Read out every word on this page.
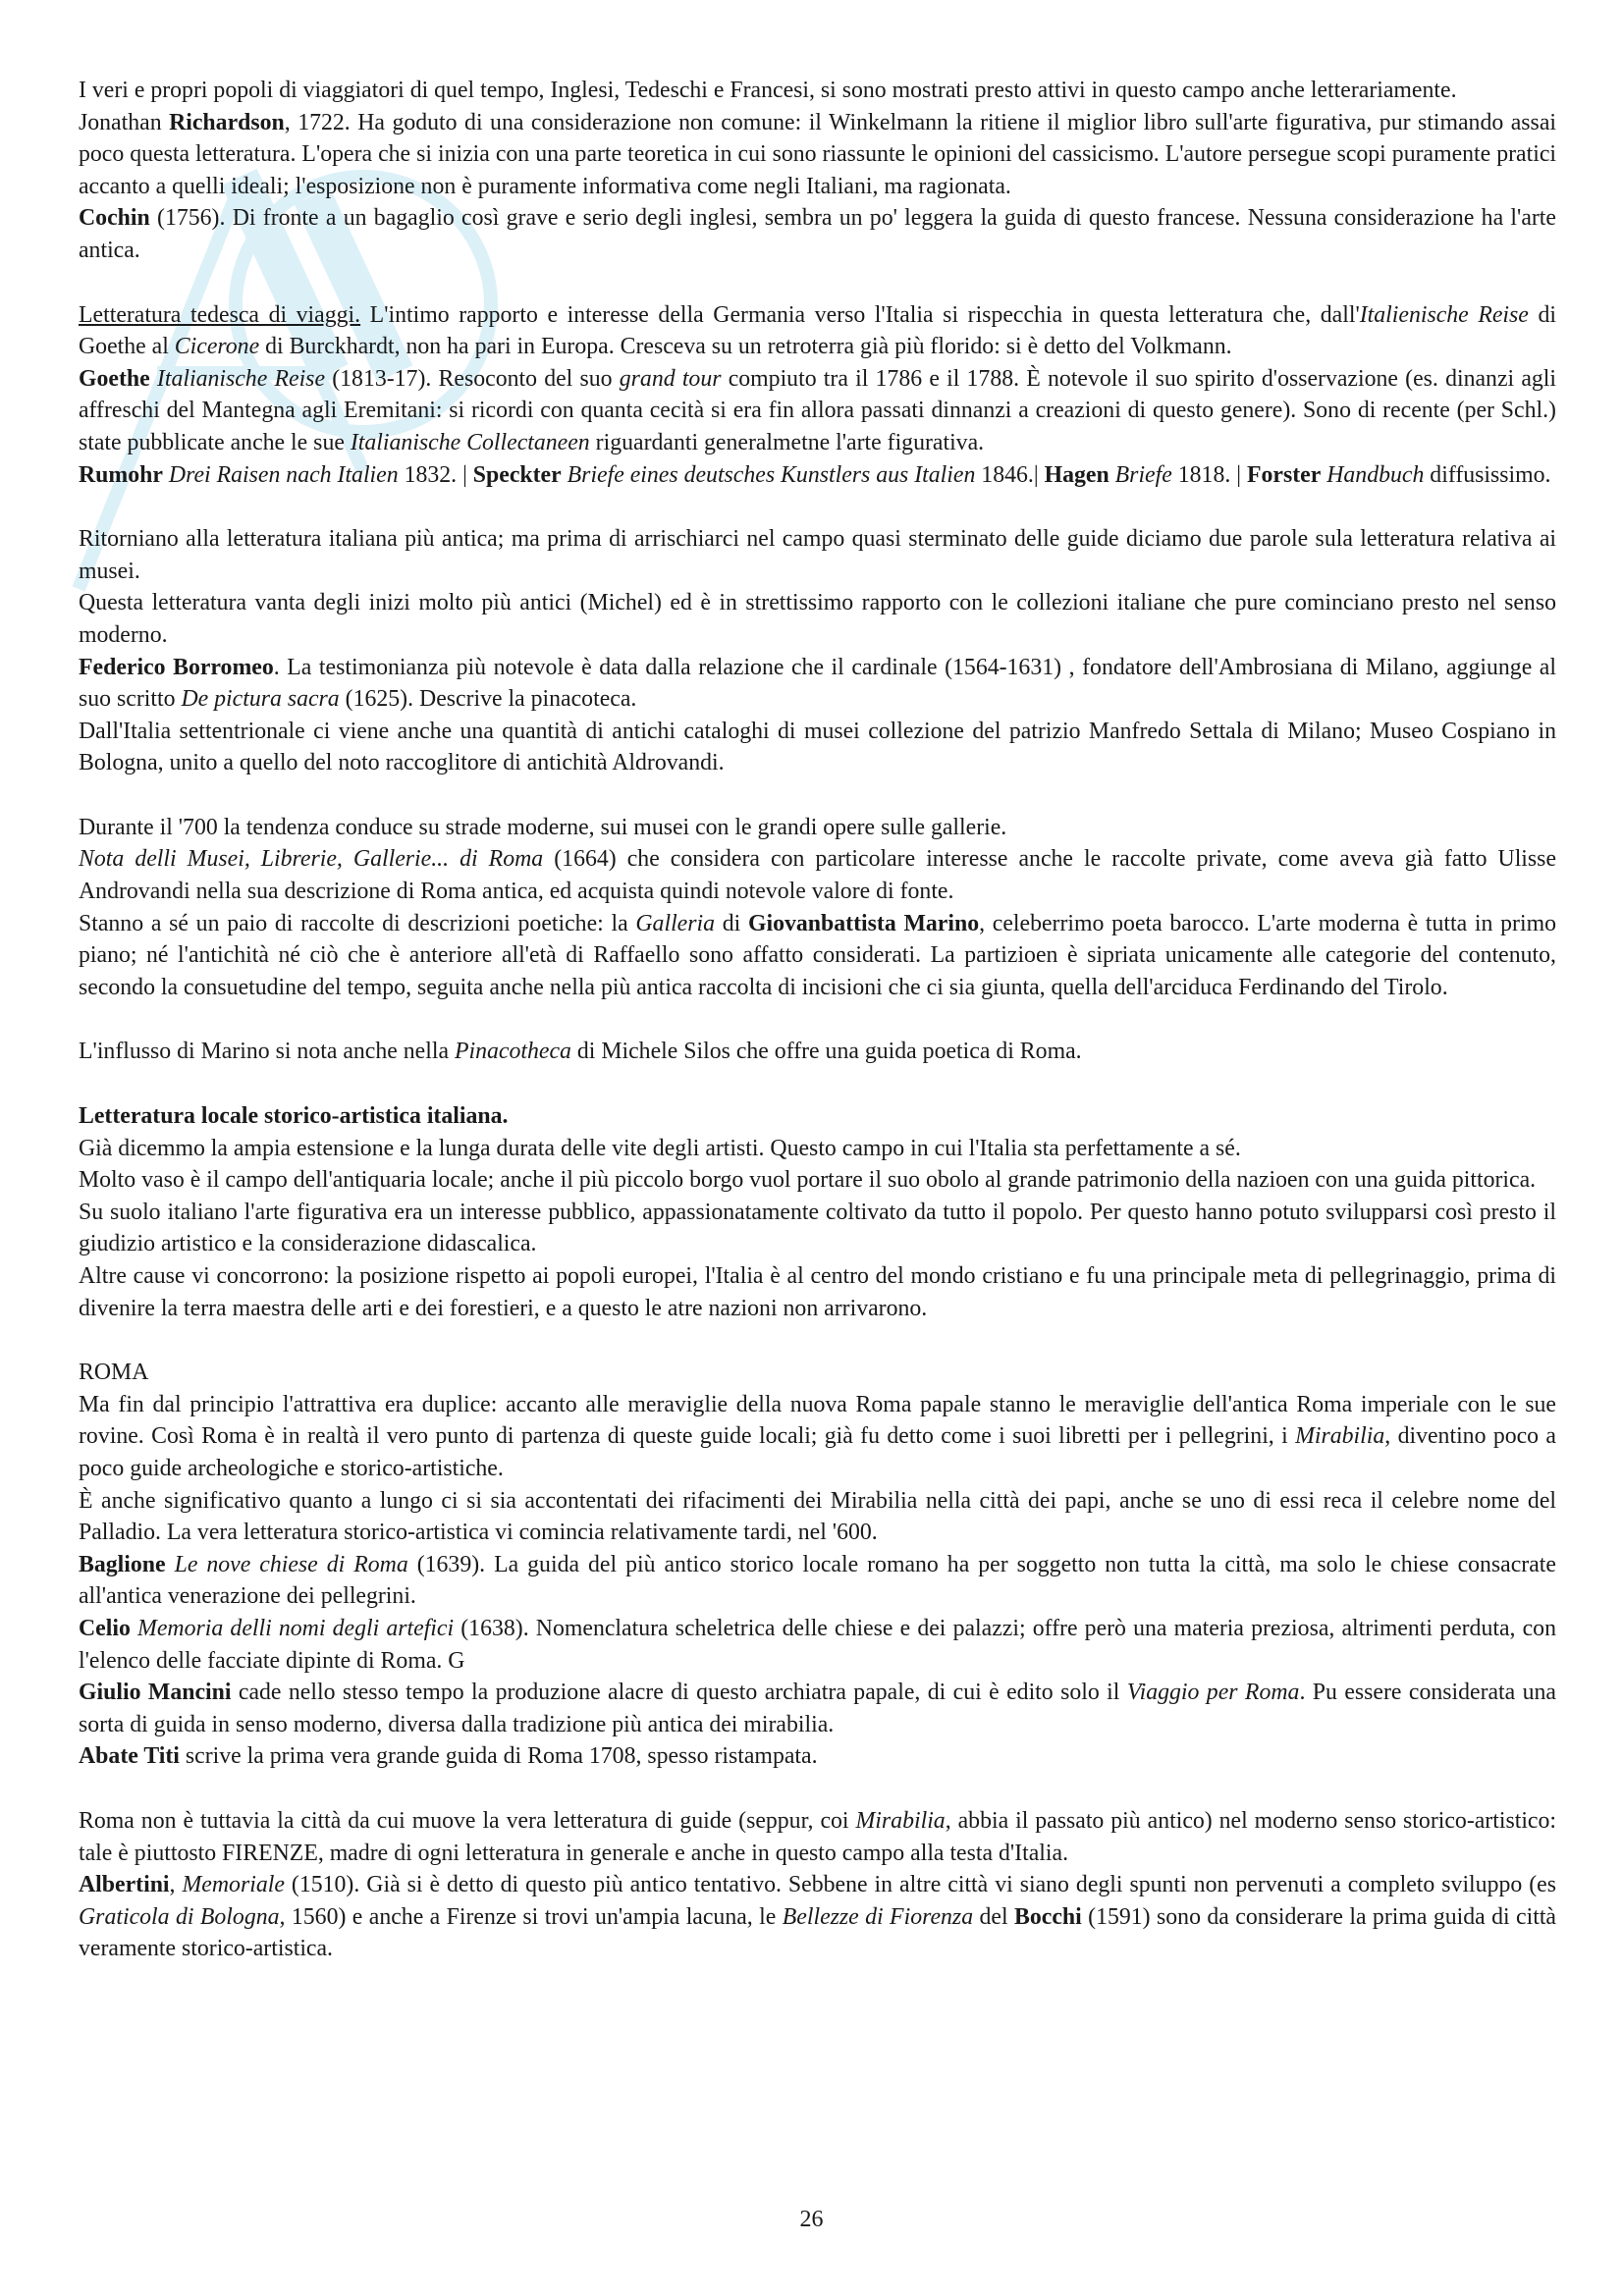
I veri e propri popoli di viaggiatori di quel tempo, Inglesi, Tedeschi e Francesi, si sono mostrati presto attivi in questo campo anche letterariamente.

Jonathan Richardson, 1722. Ha goduto di una considerazione non comune: il Winkelmann la ritiene il miglior libro sull'arte figurativa, pur stimando assai poco questa letteratura. L'opera che si inizia con una parte teoretica in cui sono riassunte le opinioni del cassicismo. L'autore persegue scopi puramente pratici accanto a quelli ideali; l'esposizione non è puramente informativa come negli Italiani, ma ragionata.

Cochin (1756). Di fronte a un bagaglio così grave e serio degli inglesi, sembra un po' leggera la guida di questo francese. Nessuna considerazione ha l'arte antica.

Letteratura tedesca di viaggi. L'intimo rapporto e interesse della Germania verso l'Italia si rispecchia in questa letteratura che, dall'Italienische Reise di Goethe al Cicerone di Burckhardt, non ha pari in Europa. Cresceva su un retroterra già più florido: si è detto del Volkmann.

Goethe Italianische Reise (1813-17). Resoconto del suo grand tour compiuto tra il 1786 e il 1788. È notevole il suo spirito d'osservazione (es. dinanzi agli affreschi del Mantegna agli Eremitani: si ricordi con quanta cecità si era fin allora passati dinnanzi a creazioni di questo genere). Sono di recente (per Schl.) state pubblicate anche le sue Italianische Collectaneen riguardanti generalmetne l'arte figurativa.

Rumohr Drei Raisen nach Italien 1832. | Speckter Briefe eines deutsches Kunstlers aus Italien 1846.| Hagen Briefe 1818. | Forster Handbuch diffusissimo.

Ritorniano alla letteratura italiana più antica; ma prima di arrischiarci nel campo quasi sterminato delle guide diciamo due parole sula letteratura relativa ai musei.

Questa letteratura vanta degli inizi molto più antici (Michel) ed è in strettissimo rapporto con le collezioni italiane che pure cominciano presto nel senso moderno.

Federico Borromeo. La testimonianza più notevole è data dalla relazione che il cardinale (1564-1631) , fondatore dell'Ambrosiana di Milano, aggiunge al suo scritto De pictura sacra (1625). Descrive la pinacoteca.

Dall'Italia settentrionale ci viene anche una quantità di antichi cataloghi di musei collezione del patrizio Manfredo Settala di Milano; Museo Cospiano in Bologna, unito a quello del noto raccoglitore di antichità Aldrovandi.

Durante il '700 la tendenza conduce su strade moderne, sui musei con le grandi opere sulle gallerie.

Nota delli Musei, Librerie, Gallerie... di Roma (1664) che considera con particolare interesse anche le raccolte private, come aveva già fatto Ulisse Androvandi nella sua descrizione di Roma antica, ed acquista quindi notevole valore di fonte.

Stanno a sé un paio di raccolte di descrizioni poetiche: la Galleria di Giovanbattista Marino, celeberrimo poeta barocco. L'arte moderna è tutta in primo piano; né l'antichità né ciò che è anteriore all'età di Raffaello sono affatto considerati. La partizioen è sipriata unicamente alle categorie del contenuto, secondo la consuetudine del tempo, seguita anche nella più antica raccolta di incisioni che ci sia giunta, quella dell'arciduca Ferdinando del Tirolo.

L'influsso di Marino si nota anche nella Pinacotheca di Michele Silos che offre una guida poetica di Roma.

Letteratura locale storico-artistica italiana.

Già dicemmo la ampia estensione e la lunga durata delle vite degli artisti. Questo campo in cui l'Italia sta perfettamente a sé.

Molto vaso è il campo dell'antiquaria locale; anche il più piccolo borgo vuol portare il suo obolo al grande patrimonio della nazioen con una guida pittorica.

Su suolo italiano l'arte figurativa era un interesse pubblico, appassionatamente coltivato da tutto il popolo. Per questo hanno potuto svilupparsi così presto il giudizio artistico e la considerazione didascalica.

Altre cause vi concorrono: la posizione rispetto ai popoli europei, l'Italia è al centro del mondo cristiano e fu una principale meta di pellegrinaggio, prima di divenire la terra maestra delle arti e dei forestieri, e a questo le atre nazioni non arrivarono.

ROMA

Ma fin dal principio l'attrattiva era duplice: accanto alle meraviglie della nuova Roma papale stanno le meraviglie dell'antica Roma imperiale con le sue rovine. Così Roma è in realtà il vero punto di partenza di queste guide locali; già fu detto come i suoi libretti per i pellegrini, i Mirabilia, diventino poco a poco guide archeologiche e storico-artistiche.

È anche significativo quanto a lungo ci si sia accontentati dei rifacimenti dei Mirabilia nella città dei papi, anche se uno di essi reca il celebre nome del Palladio. La vera letteratura storico-artistica vi comincia relativamente tardi, nel '600.

Baglione Le nove chiese di Roma (1639). La guida del più antico storico locale romano ha per soggetto non tutta la città, ma solo le chiese consacrate all'antica venerazione dei pellegrini.

Celio Memoria delli nomi degli artefici (1638). Nomenclatura scheletrica delle chiese e dei palazzi; offre però una materia preziosa, altrimenti perduta, con l'elenco delle facciate dipinte di Roma. G

Giulio Mancini cade nello stesso tempo la produzione alacre di questo archiatra papale, di cui è edito solo il Viaggio per Roma. Pu essere considerata una sorta di guida in senso moderno, diversa dalla tradizione più antica dei mirabilia.

Abate Titi scrive la prima vera grande guida di Roma 1708, spesso ristampata.

Roma non è tuttavia la città da cui muove la vera letteratura di guide (seppur, coi Mirabilia, abbia il passato più antico) nel moderno senso storico-artistico: tale è piuttosto FIRENZE, madre di ogni letteratura in generale e anche in questo campo alla testa d'Italia.

Albertini, Memoriale (1510). Già si è detto di questo più antico tentativo. Sebbene in altre città vi siano degli spunti non pervenuti a completo sviluppo (es Graticola di Bologna, 1560) e anche a Firenze si trovi un'ampia lacuna, le Bellezze di Fiorenza del Bocchi (1591) sono da considerare la prima guida di città veramente storico-artistica.

26
